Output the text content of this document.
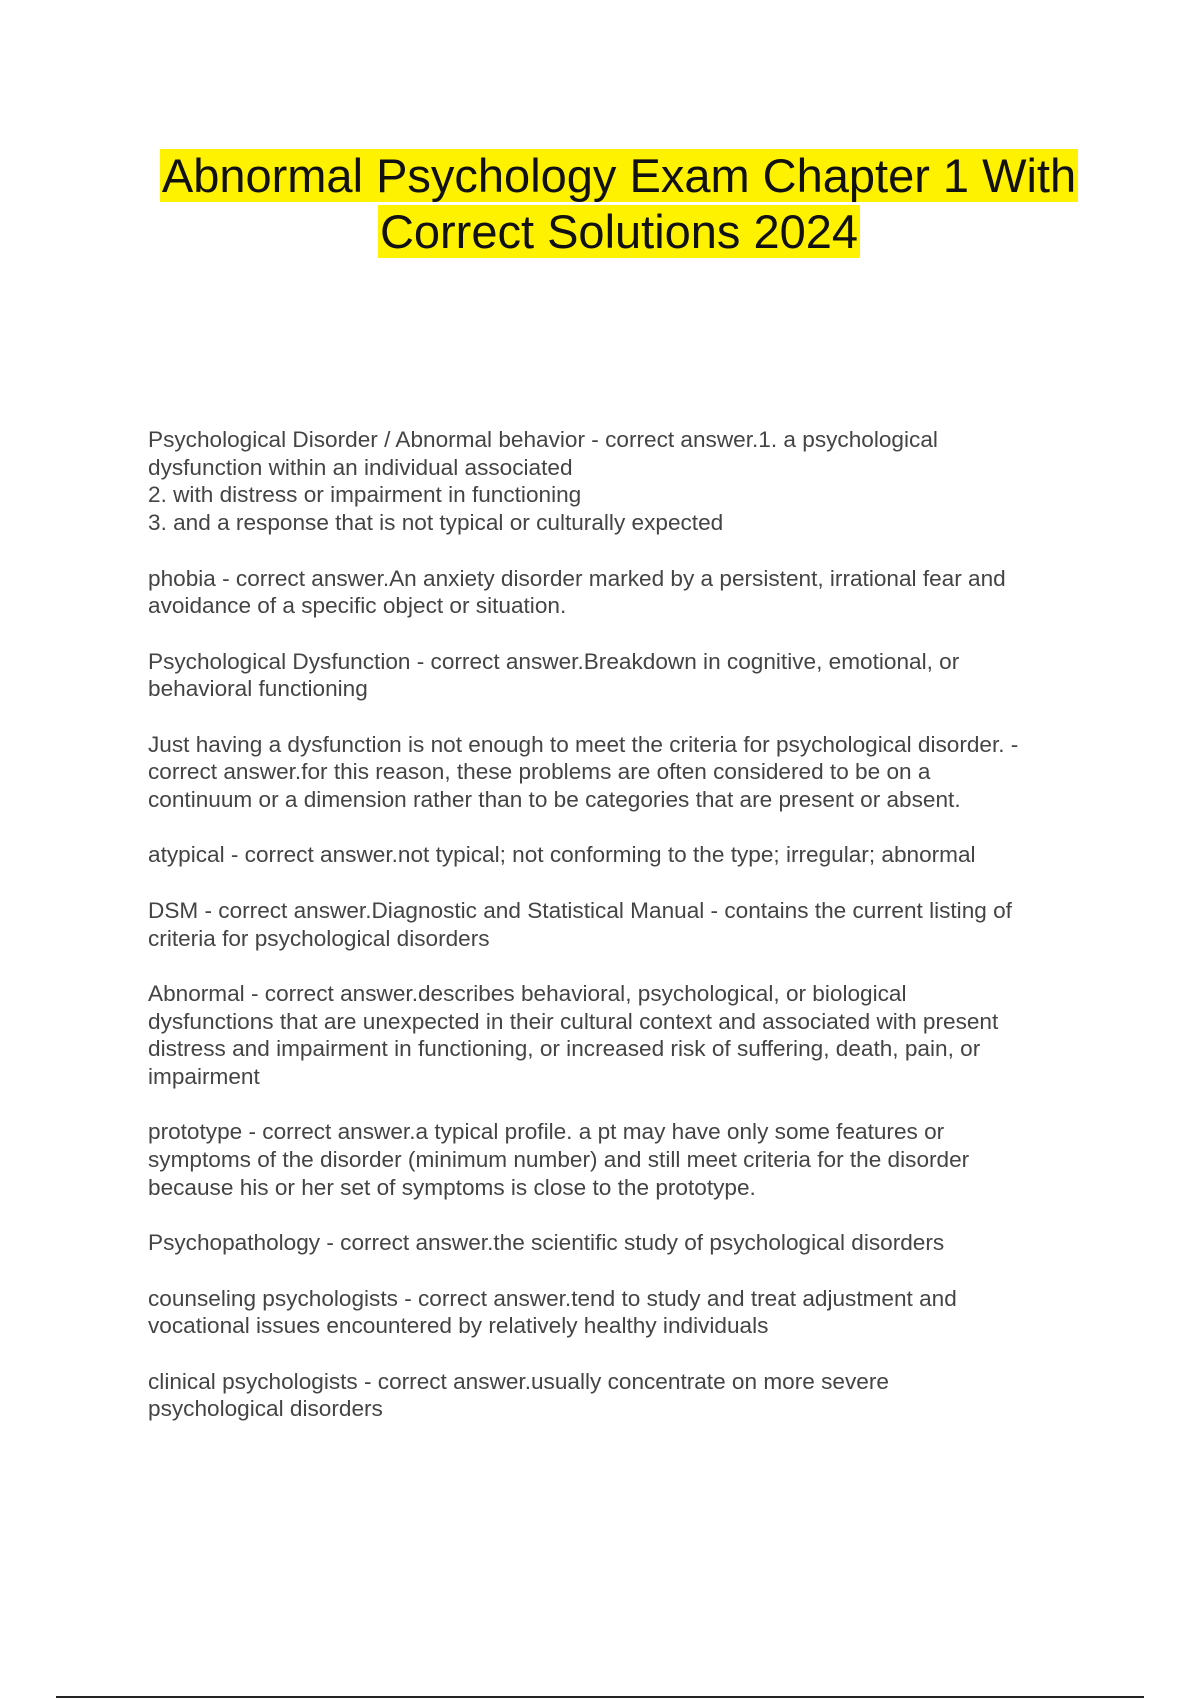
Abnormal Psychology Exam Chapter 1 With
Correct Solutions 2024
Psychological Disorder / Abnormal behavior - correct answer.1. a psychological
dysfunction within an individual associated
2. with distress or impairment in functioning
3. and a response that is not typical or culturally expected
phobia - correct answer.An anxiety disorder marked by a persistent, irrational fear and
avoidance of a specific object or situation.
Psychological Dysfunction - correct answer.Breakdown in cognitive, emotional, or
behavioral functioning
Just having a dysfunction is not enough to meet the criteria for psychological disorder. -
correct answer.for this reason, these problems are often considered to be on a
continuum or a dimension rather than to be categories that are present or absent.
atypical - correct answer.not typical; not conforming to the type; irregular; abnormal
DSM - correct answer.Diagnostic and Statistical Manual - contains the current listing of
criteria for psychological disorders
Abnormal - correct answer.describes behavioral, psychological, or biological
dysfunctions that are unexpected in their cultural context and associated with present
distress and impairment in functioning, or increased risk of suffering, death, pain, or
impairment
prototype - correct answer.a typical profile. a pt may have only some features or
symptoms of the disorder (minimum number) and still meet criteria for the disorder
because his or her set of symptoms is close to the prototype.
Psychopathology - correct answer.the scientific study of psychological disorders
counseling psychologists - correct answer.tend to study and treat adjustment and
vocational issues encountered by relatively healthy individuals
clinical psychologists - correct answer.usually concentrate on more severe
psychological disorders
